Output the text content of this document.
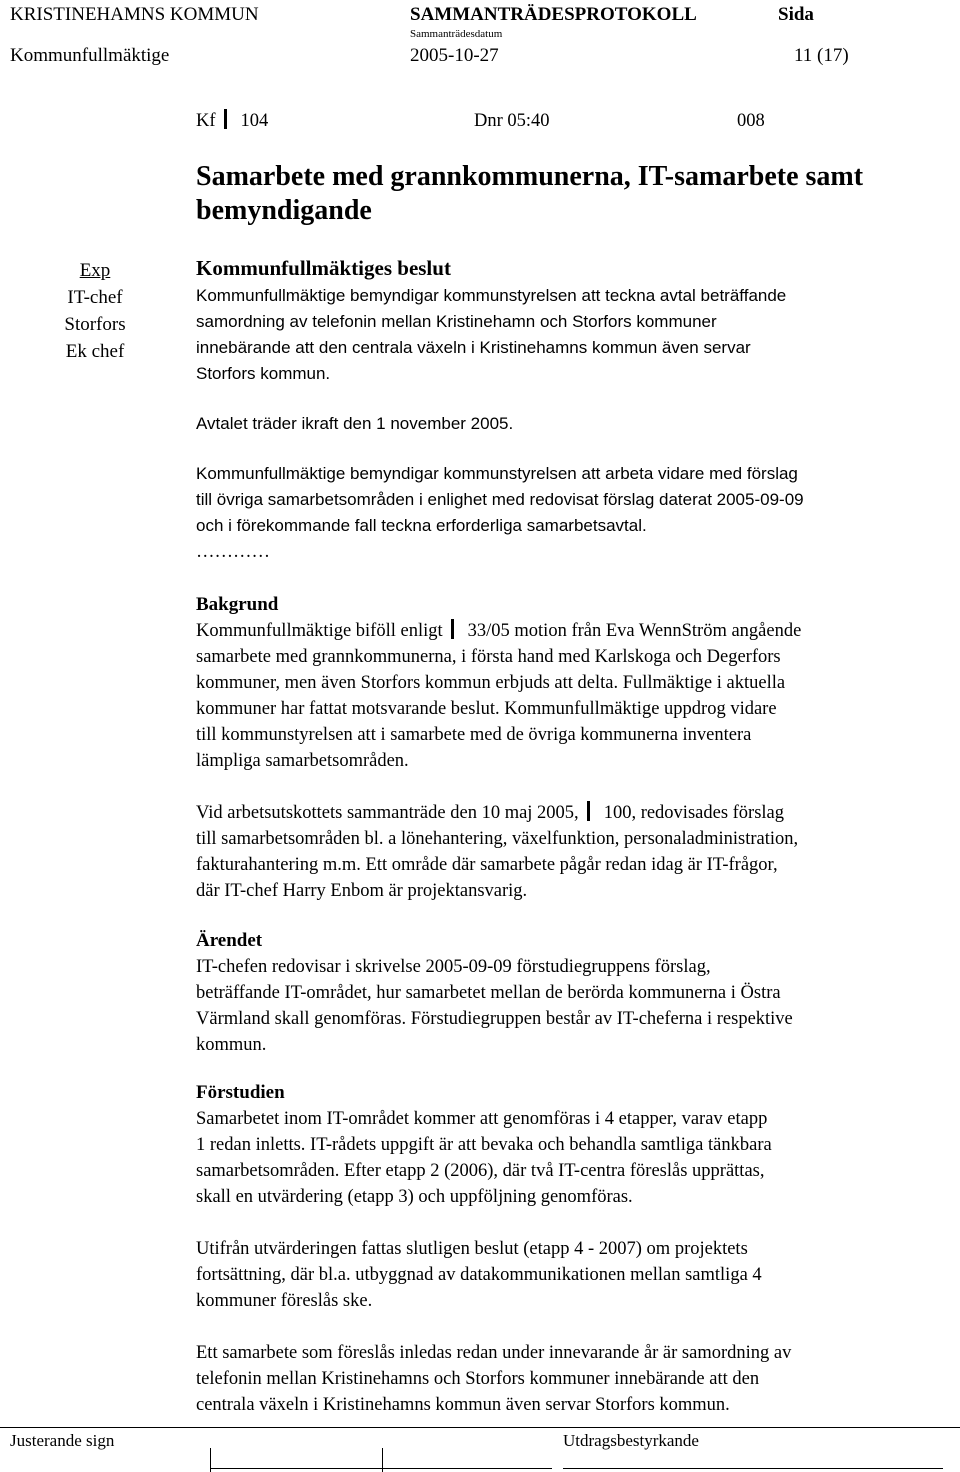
KRISTINEHAMNS KOMMUN	SAMMANTRÄDESPROTOKOLL	Sida
Sammanträdesdatum
Kommunfullmäktige	2005-10-27	11 (17)
Kf 104	Dnr 05:40	008
Samarbete med grannkommunerna, IT-samarbete samt
bemyndigande
Exp
IT-chef
Storfors
Ek chef

Kommunfullmäktiges beslut

Kommunfullmäktige bemyndigar kommunstyrelsen att teckna avtal beträffande

samordning av telefonin mellan Kristinehamn och Storfors kommuner

innebärande att den centrala växeln i Kristinehamns kommun även servar

Storfors kommun.

Avtalet träder ikraft den 1 november 2005.

Kommunfullmäktige bemyndigar kommunstyrelsen att arbeta vidare med förslag

till övriga samarbetsområden i enlighet med redovisat förslag daterat 2005-09-09

och i förekommande fall teckna erforderliga samarbetsavtal.

…………

Bakgrund

Kommunfullmäktige biföll enligt 33/05 motion från Eva WennStröm angående

samarbete med grannkommunerna, i första hand med Karlskoga och Degerfors

kommuner, men även Storfors kommun erbjuds att delta. Fullmäktige i aktuella

kommuner har fattat motsvarande beslut. Kommunfullmäktige uppdrog vidare

till kommunstyrelsen att i samarbete med de övriga kommunerna inventera

lämpliga samarbetsområden.

Vid arbetsutskottets sammanträde den 10 maj 2005, 100, redovisades förslag

till samarbetsområden bl. a lönehantering, växelfunktion, personaladministration,

fakturahantering m.m. Ett område där samarbete pågår redan idag är IT-frågor,

där IT-chef Harry Enbom är projektansvarig.

Ärendet

IT-chefen redovisar i skrivelse 2005-09-09 förstudiegruppens förslag,

beträffande IT-området, hur samarbetet mellan de berörda kommunerna i Östra

Värmland skall genomföras. Förstudiegruppen består av IT-cheferna i respektive

kommun.

Förstudien

Samarbetet inom IT-området kommer att genomföras i 4 etapper, varav etapp

1 redan inletts. IT-rådets uppgift är att bevaka och behandla samtliga tänkbara

samarbetsområden. Efter etapp 2 (2006), där två IT-centra föreslås upprättas,

skall en utvärdering (etapp 3) och uppföljning genomföras.

Utifrån utvärderingen fattas slutligen beslut (etapp 4 - 2007) om projektets

fortsättning, där bl.a. utbyggnad av datakommunikationen mellan samtliga 4

kommuner föreslås ske.

Ett samarbete som föreslås inledas redan under innevarande år är samordning av

telefonin mellan Kristinehamns och Storfors kommuner innebärande att den

centrala växeln i Kristinehamns kommun även servar Storfors kommun.

Justerande sign	Utdragsbestyrkande
